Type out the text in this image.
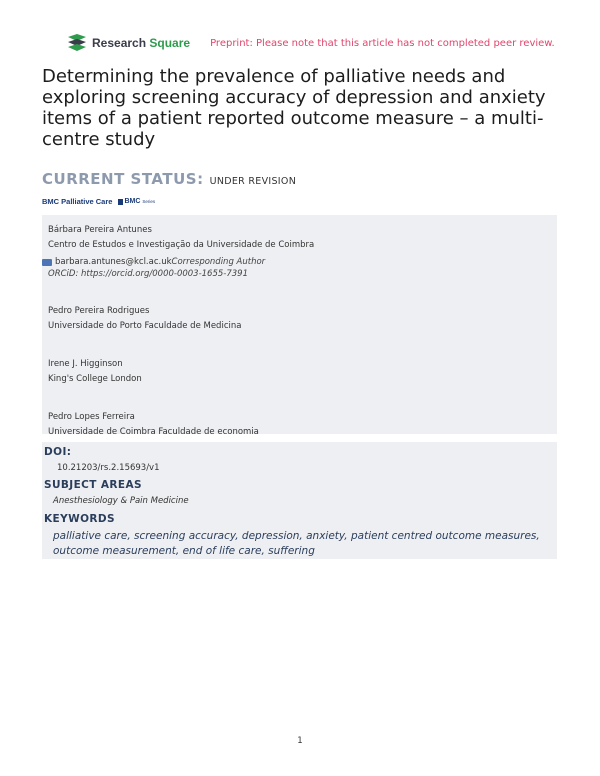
Research Square Preprint: Please note that this article has not completed peer review.
Determining the prevalence of palliative needs and exploring screening accuracy of depression and anxiety items of a patient reported outcome measure – a multi-centre study
CURRENT STATUS: UNDER REVISION
BMC Palliative Care BMC Series
Bárbara Pereira Antunes
Centro de Estudos e Investigação da Universidade de Coimbra
barbara.antunes@kcl.ac.uk Corresponding Author
ORCiD: https://orcid.org/0000-0003-1655-7391
Pedro Pereira Rodrigues
Universidade do Porto Faculdade de Medicina
Irene J. Higginson
King's College London
Pedro Lopes Ferreira
Universidade de Coimbra Faculdade de economia
DOI:
10.21203/rs.2.15693/v1
SUBJECT AREAS
Anesthesiology & Pain Medicine
KEYWORDS
palliative care, screening accuracy, depression, anxiety, patient centred outcome measures, outcome measurement, end of life care, suffering
1
